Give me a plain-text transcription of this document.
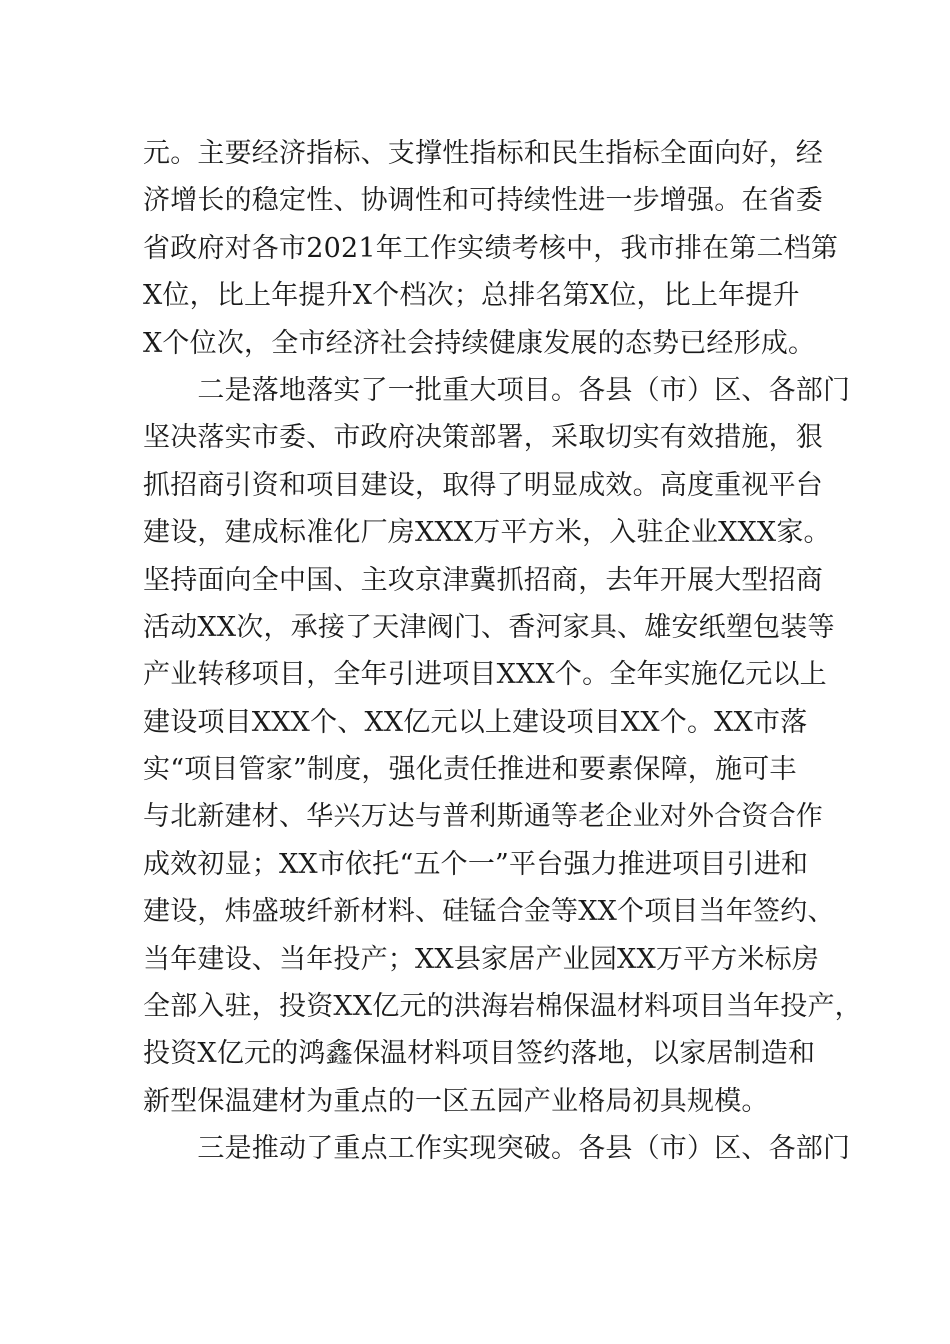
元。主要经济指标、支撑性指标和民生指标全面向好，经
济增长的稳定性、协调性和可持续性进一步增强。在省委
省政府对各市2021年工作实绩考核中，我市排在第二档第
X位，比上年提升X个档次；总排名第X位，比上年提升
X个位次，全市经济社会持续健康发展的态势已经形成。
　　二是落地落实了一批重大项目。各县（市）区、各部门
坚决落实市委、市政府决策部署，采取切实有效措施，狠
抓招商引资和项目建设，取得了明显成效。高度重视平台
建设，建成标准化厂房XXX万平方米，入驻企业XXX家。
坚持面向全中国、主攻京津冀抓招商，去年开展大型招商
活动XX次，承接了天津阀门、香河家具、雄安纸塑包装等
产业转移项目，全年引进项目XXX个。全年实施亿元以上
建设项目XXX个、XX亿元以上建设项目XX个。XX市落
实“项目管家”制度，强化责任推进和要素保障，施可丰
与北新建材、华兴万达与普利斯通等老企业对外合资合作
成效初显；XX市依托“五个一”平台强力推进项目引进和
建设，炜盛玻纤新材料、硅锰合金等XX个项目当年签约、
当年建设、当年投产；XX县家居产业园XX万平方米标房
全部入驻，投资XX亿元的洪海岩棉保温材料项目当年投产，
投资X亿元的鸿鑫保温材料项目签约落地，以家居制造和
新型保温建材为重点的一区五园产业格局初具规模。
　　三是推动了重点工作实现突破。各县（市）区、各部门
